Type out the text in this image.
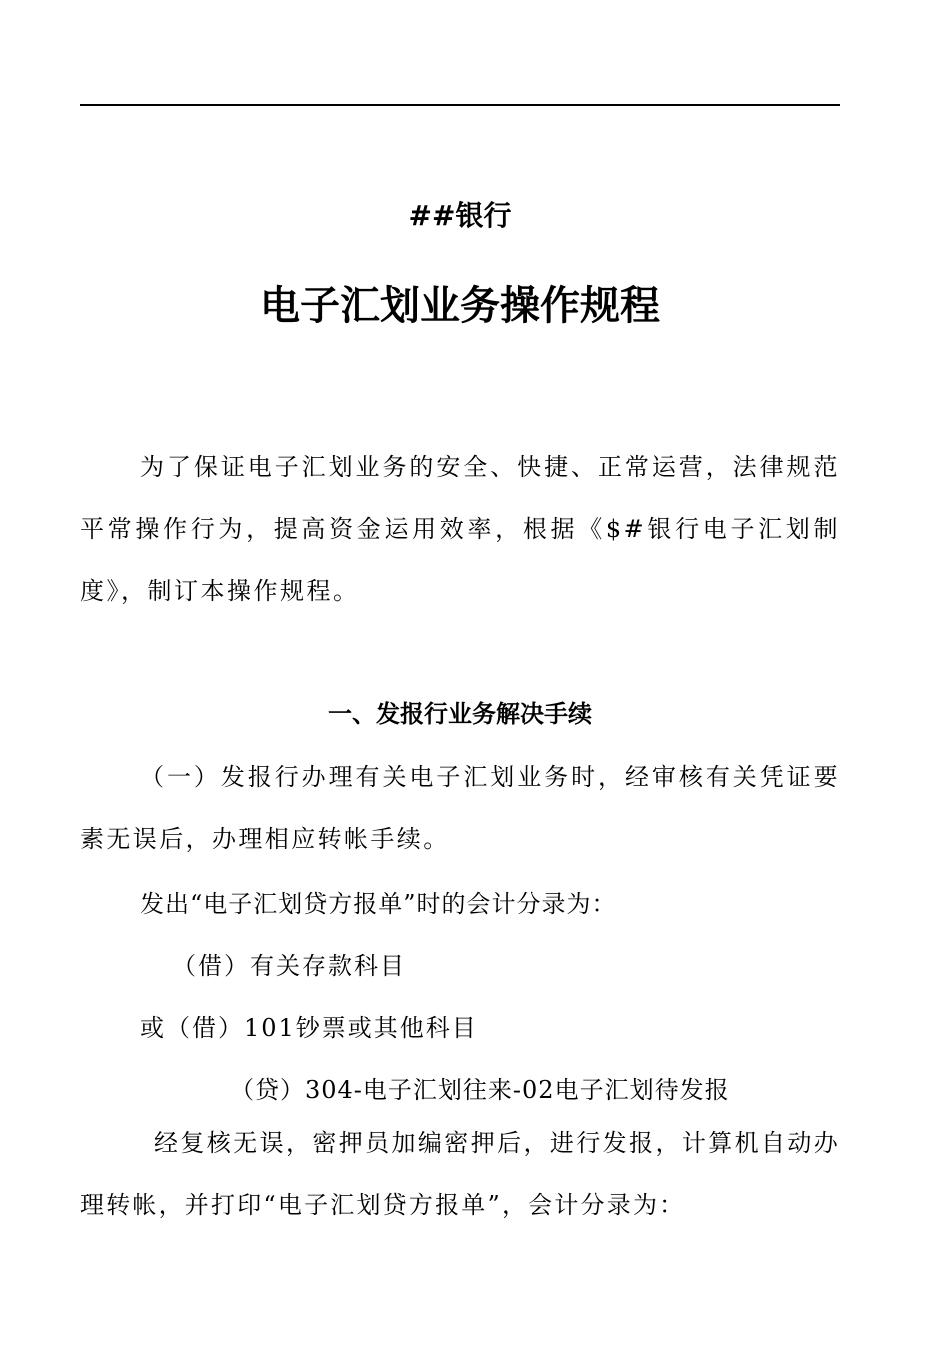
##银行
电子汇划业务操作规程
为了保证电子汇划业务的安全、快捷、正常运营，法律规范平常操作行为，提高资金运用效率，根据《$#银行电子汇划制度》，制订本操作规程。
一、发报行业务解决手续
（一）发报行办理有关电子汇划业务时，经审核有关凭证要素无误后，办理相应转帐手续。
发出“电子汇划贷方报单”时的会计分录为：
（借）有关存款科目
或（借）101钞票或其他科目
（贷）304-电子汇划往来-02电子汇划待发报
经复核无误，密押员加编密押后，进行发报，计算机自动办理转帐，并打印“电子汇划贷方报单”，会计分录为：
